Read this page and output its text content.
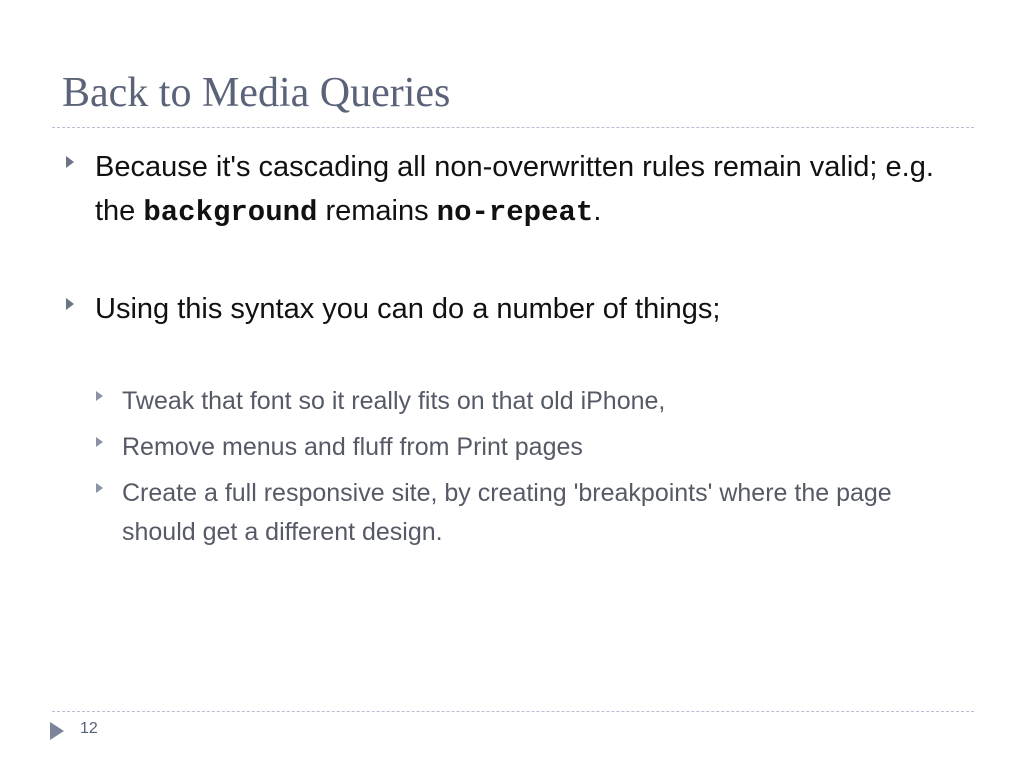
Back to Media Queries
Because it's cascading all non-overwritten rules remain valid; e.g. the background remains no-repeat.
Using this syntax you can do a number of things;
Tweak that font so it really fits on that old iPhone,
Remove menus and fluff from Print pages
Create a full responsive site, by creating 'breakpoints' where the page should get a different design.
12
